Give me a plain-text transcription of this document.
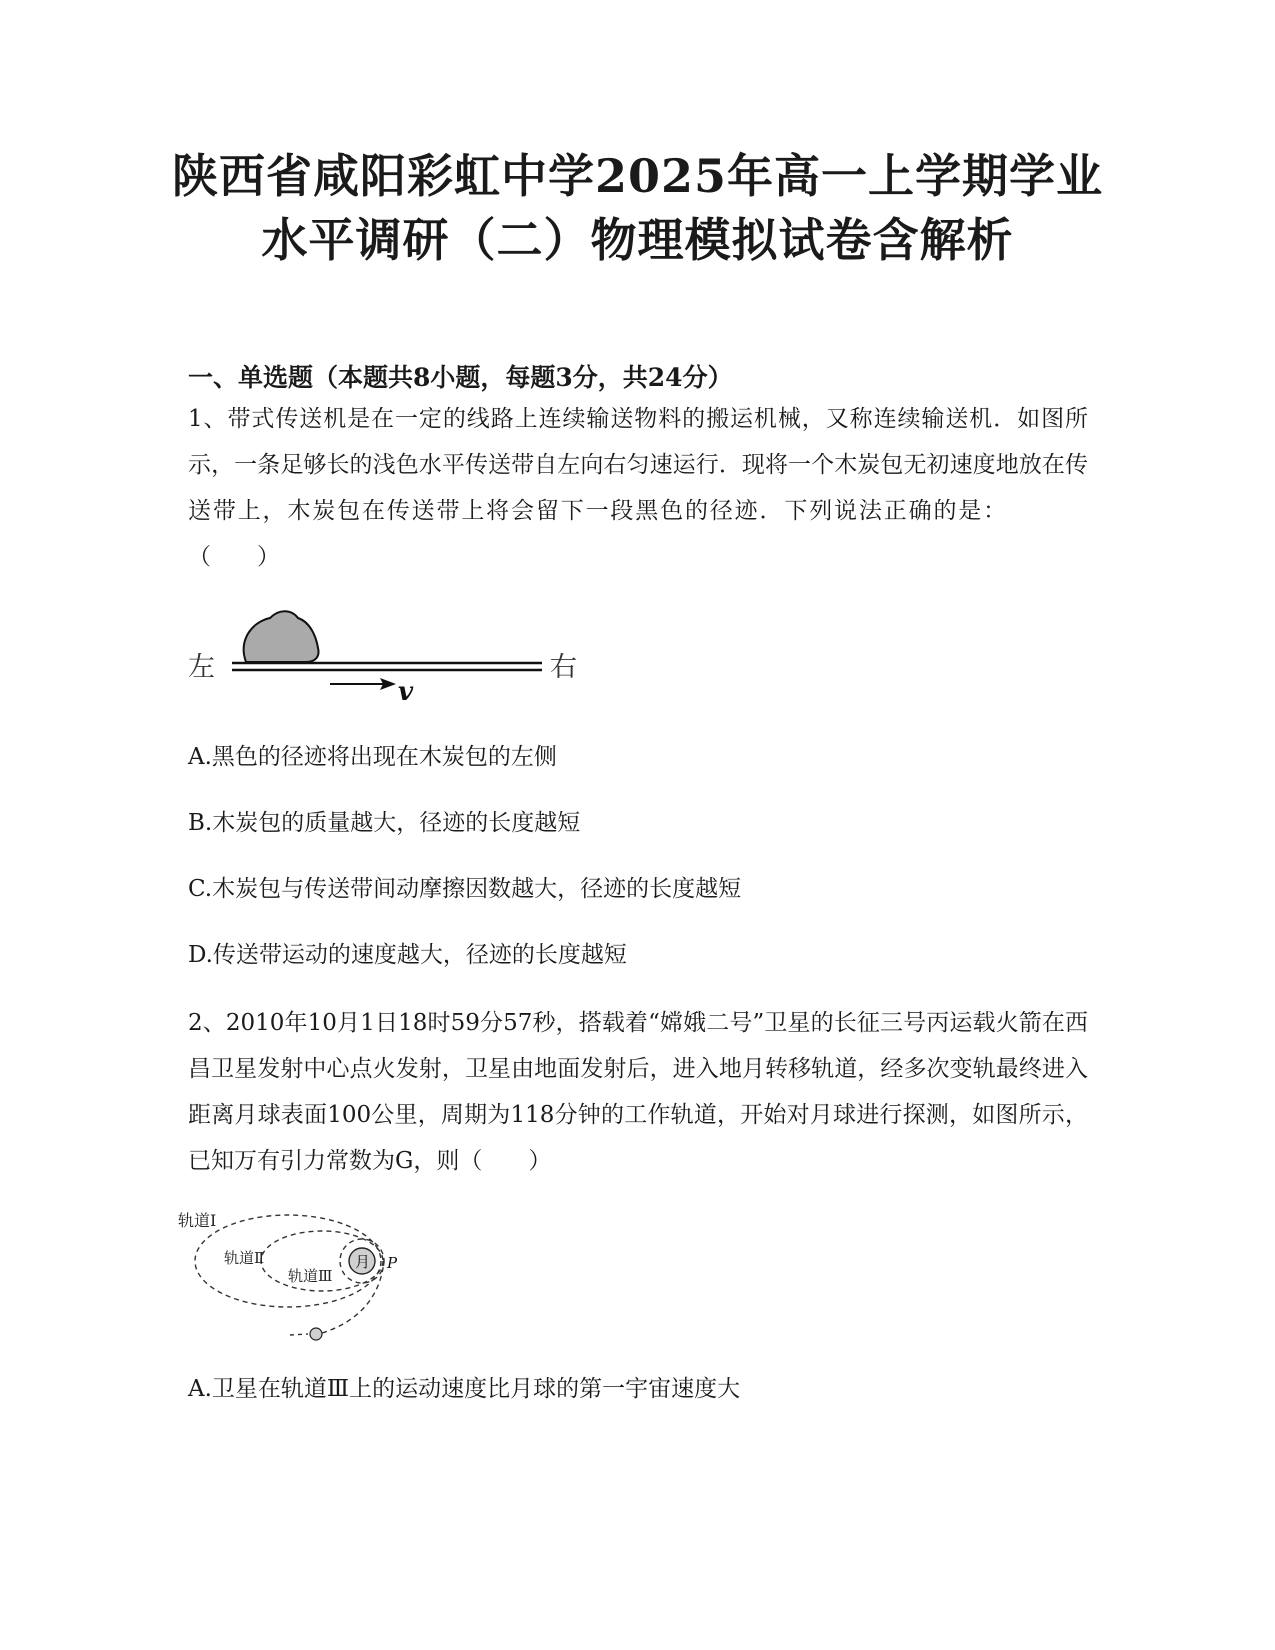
陕西省咸阳彩虹中学2025年高一上学期学业
水平调研（二）物理模拟试卷含解析
一、单选题（本题共8小题，每题3分，共24分）

1、带式传送机是在一定的线路上连续输送物料的搬运机械，又称连续输送机．如图所示，一条足够长的浅色水平传送带自左向右匀速运行．现将一个木炭包无初速度地放在传送带上，木炭包在传送带上将会留下一段黑色的径迹．下列说法正确的是：（　　）

左	右
v
A.黑色的径迹将出现在木炭包的左侧
B.木炭包的质量越大，径迹的长度越短
C.木炭包与传送带间动摩擦因数越大，径迹的长度越短
D.传送带运动的速度越大，径迹的长度越短

2、2010年10月1日18时59分57秒，搭载着“嫦娥二号”卫星的长征三号丙运载火箭在西昌卫星发射中心点火发射，卫星由地面发射后，进入地月转移轨道，经多次变轨最终进入距离月球表面100公里，周期为118分钟的工作轨道，开始对月球进行探测，如图所示，已知万有引力常数为G，则（　　）

轨道Ⅰ
月
轨道Ⅱ
轨道Ⅲ
P
A.卫星在轨道Ⅲ上的运动速度比月球的第一宇宙速度大
